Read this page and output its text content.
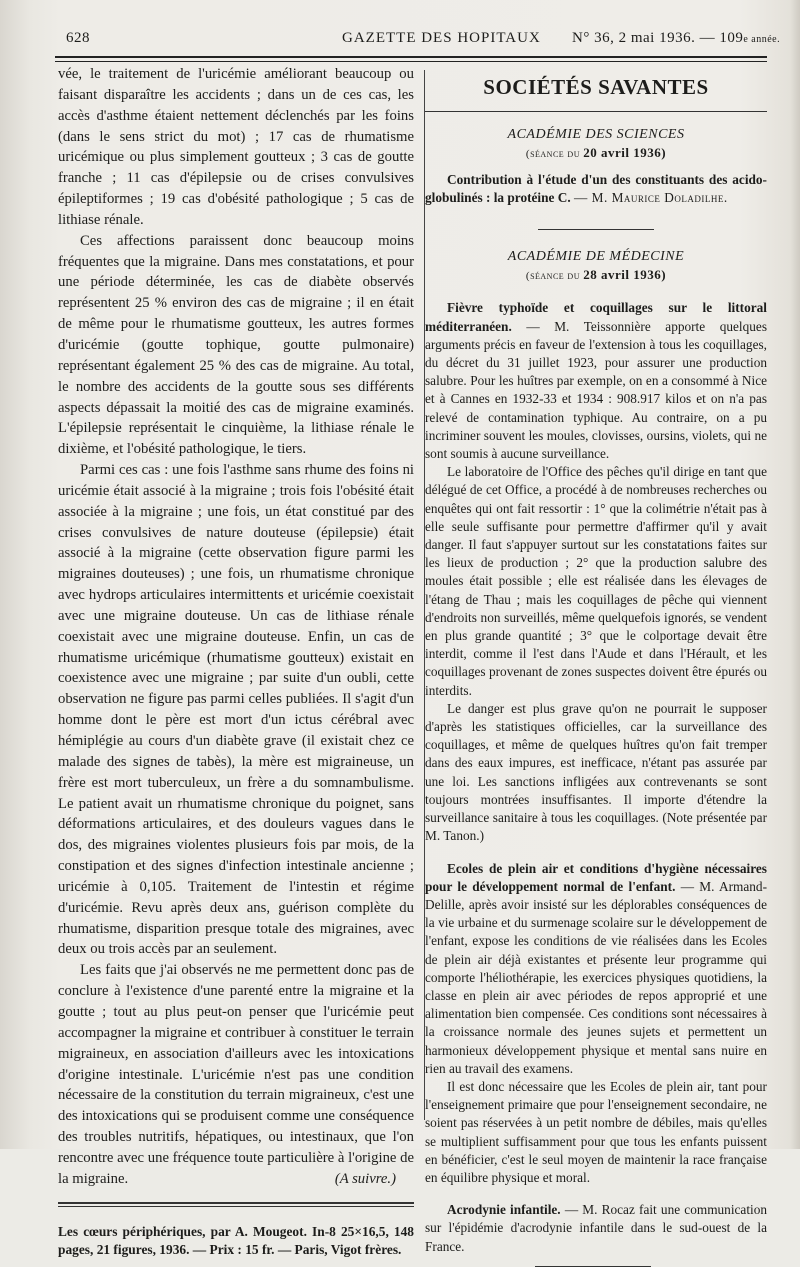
628	GAZETTE DES HOPITAUX N° 36, 2 mai 1936. — 109e année.

vée, le traitement de l'uricémie améliorant beaucoup ou faisant disparaître les accidents ; dans un de ces cas, les accès d'asthme étaient nettement déclenchés par les foins (dans le sens strict du mot) ; 17 cas de rhumatisme uricémique ou plus simplement goutteux ; 3 cas de goutte franche ; 11 cas d'épilepsie ou de crises convulsives épileptiformes ; 19 cas d'obésité pathologique ; 5 cas de lithiase rénale.

Ces affections paraissent donc beaucoup moins fréquentes que la migraine. Dans mes constatations, et pour une période déterminée, les cas de diabète observés représentent 25 % environ des cas de migraine ; il en était de même pour le rhumatisme goutteux, les autres formes d'uricémie (goutte tophique, goutte pulmonaire) représentant également 25 % des cas de migraine. Au total, le nombre des accidents de la goutte sous ses différents aspects dépassait la moitié des cas de migraine examinés. L'épilepsie représentait le cinquième, la lithiase rénale le dixième, et l'obésité pathologique, le tiers.

Parmi ces cas : une fois l'asthme sans rhume des foins ni uricémie était associé à la migraine ; trois fois l'obésité était associée à la migraine ; une fois, un état constitué par des crises convulsives de nature douteuse (épilepsie) était associé à la migraine (cette observation figure parmi les migraines douteuses) ; une fois, un rhumatisme chronique avec hydrops articulaires intermittents et uricémie coexistait avec une migraine douteuse. Un cas de lithiase rénale coexistait avec une migraine douteuse. Enfin, un cas de rhumatisme uricémique (rhumatisme goutteux) existait en coexistence avec une migraine ; par suite d'un oubli, cette observation ne figure pas parmi celles publiées. Il s'agit d'un homme dont le père est mort d'un ictus cérébral avec hémiplégie au cours d'un diabète grave (il existait chez ce malade des signes de tabès), la mère est migraineuse, un frère est mort tuberculeux, un frère a du somnambulisme. Le patient avait un rhumatisme chronique du poignet, sans déformations articulaires, et des douleurs vagues dans le dos, des migraines violentes plusieurs fois par mois, de la constipation et des signes d'infection intestinale ancienne ; uricémie à 0,105. Traitement de l'intestin et régime d'uricémie. Revu après deux ans, guérison complète du rhumatisme, disparition presque totale des migraines, avec deux ou trois accès par an seulement.

Les faits que j'ai observés ne me permettent donc pas de conclure à l'existence d'une parenté entre la migraine et la goutte ; tout au plus peut-on penser que l'uricémie peut accompagner la migraine et contribuer à constituer le terrain migraineux, en association d'ailleurs avec les intoxications d'origine intestinale. L'uricémie n'est pas une condition nécessaire de la constitution du terrain migraineux, c'est une des intoxications qui se produisent comme une conséquence des troubles nutritifs, hépatiques, ou intestinaux, que l'on rencontre avec une fréquence toute particulière à l'origine de la migraine.	(A suivre.)

Les cœurs périphériques, par A. Mougeot. In-8 25×16,5, 148 pages, 21 figures, 1936. — Prix : 15 fr. — Paris, Vigot frères.

SOCIÉTÉS SAVANTES
ACADÉMIE DES SCIENCES
(séance du 20 avril 1936)

Contribution à l'étude d'un des constituants des acido-globulinés : la protéine C. — M. Maurice Doladilhe.

ACADÉMIE DE MÉDECINE
(séance du 28 avril 1936)

Fièvre typhoïde et coquillages sur le littoral méditerranéen. — M. Teissonnière apporte quelques arguments précis en faveur de l'extension à tous les coquillages, du décret du 31 juillet 1923, pour assurer une production salubre. Pour les huîtres par exemple, on en a consommé à Nice et à Cannes en 1932-33 et 1934 : 908.917 kilos et on n'a pas relevé de contamination typhique. Au contraire, on a pu incriminer souvent les moules, clovisses, oursins, violets, qui ne sont soumis à aucune surveillance.

Le laboratoire de l'Office des pêches qu'il dirige en tant que délégué de cet Office, a procédé à de nombreuses recherches ou enquêtes qui ont fait ressortir : 1° que la colimétrie n'était pas à elle seule suffisante pour permettre d'affirmer qu'il y avait danger. Il faut s'appuyer surtout sur les constatations faites sur les lieux de production ; 2° que la production salubre des moules était possible ; elle est réalisée dans les élevages de l'étang de Thau ; mais les coquillages de pêche qui viennent d'endroits non surveillés, même quelquefois ignorés, se vendent en plus grande quantité ; 3° que le colportage devait être interdit, comme il l'est dans l'Aude et dans l'Hérault, et les coquillages provenant de zones suspectes doivent être épurés ou interdits.

Le danger est plus grave qu'on ne pourrait le supposer d'après les statistiques officielles, car la surveillance des coquillages, et même de quelques huîtres qu'on fait tremper dans des eaux impures, est inefficace, n'étant pas assurée par une loi. Les sanctions infligées aux contrevenants se sont toujours montrées insuffisantes. Il importe d'étendre la surveillance sanitaire à tous les coquillages. (Note présentée par M. Tanon.)

Ecoles de plein air et conditions d'hygiène nécessaires pour le développement normal de l'enfant. — M. Armand-Delille, après avoir insisté sur les déplorables conséquences de la vie urbaine et du surmenage scolaire sur le développement de l'enfant, expose les conditions de vie réalisées dans les Ecoles de plein air déjà existantes et présente leur programme qui comporte l'héliothérapie, les exercices physiques quotidiens, la classe en plein air avec périodes de repos approprié et une alimentation bien compensée. Ces conditions sont nécessaires à la croissance normale des jeunes sujets et permettent un harmonieux développement physique et mental sans nuire en rien au travail des examens.

Il est donc nécessaire que les Ecoles de plein air, tant pour l'enseignement primaire que pour l'enseignement secondaire, ne soient pas réservées à un petit nombre de débiles, mais qu'elles se multiplient suffisamment pour que tous les enfants puissent en bénéficier, c'est le seul moyen de maintenir la race française en équilibre physique et moral.

Acrodynie infantile. — M. Rocaz fait une communication sur l'épidémie d'acrodynie infantile dans le sud-ouest de la France.
